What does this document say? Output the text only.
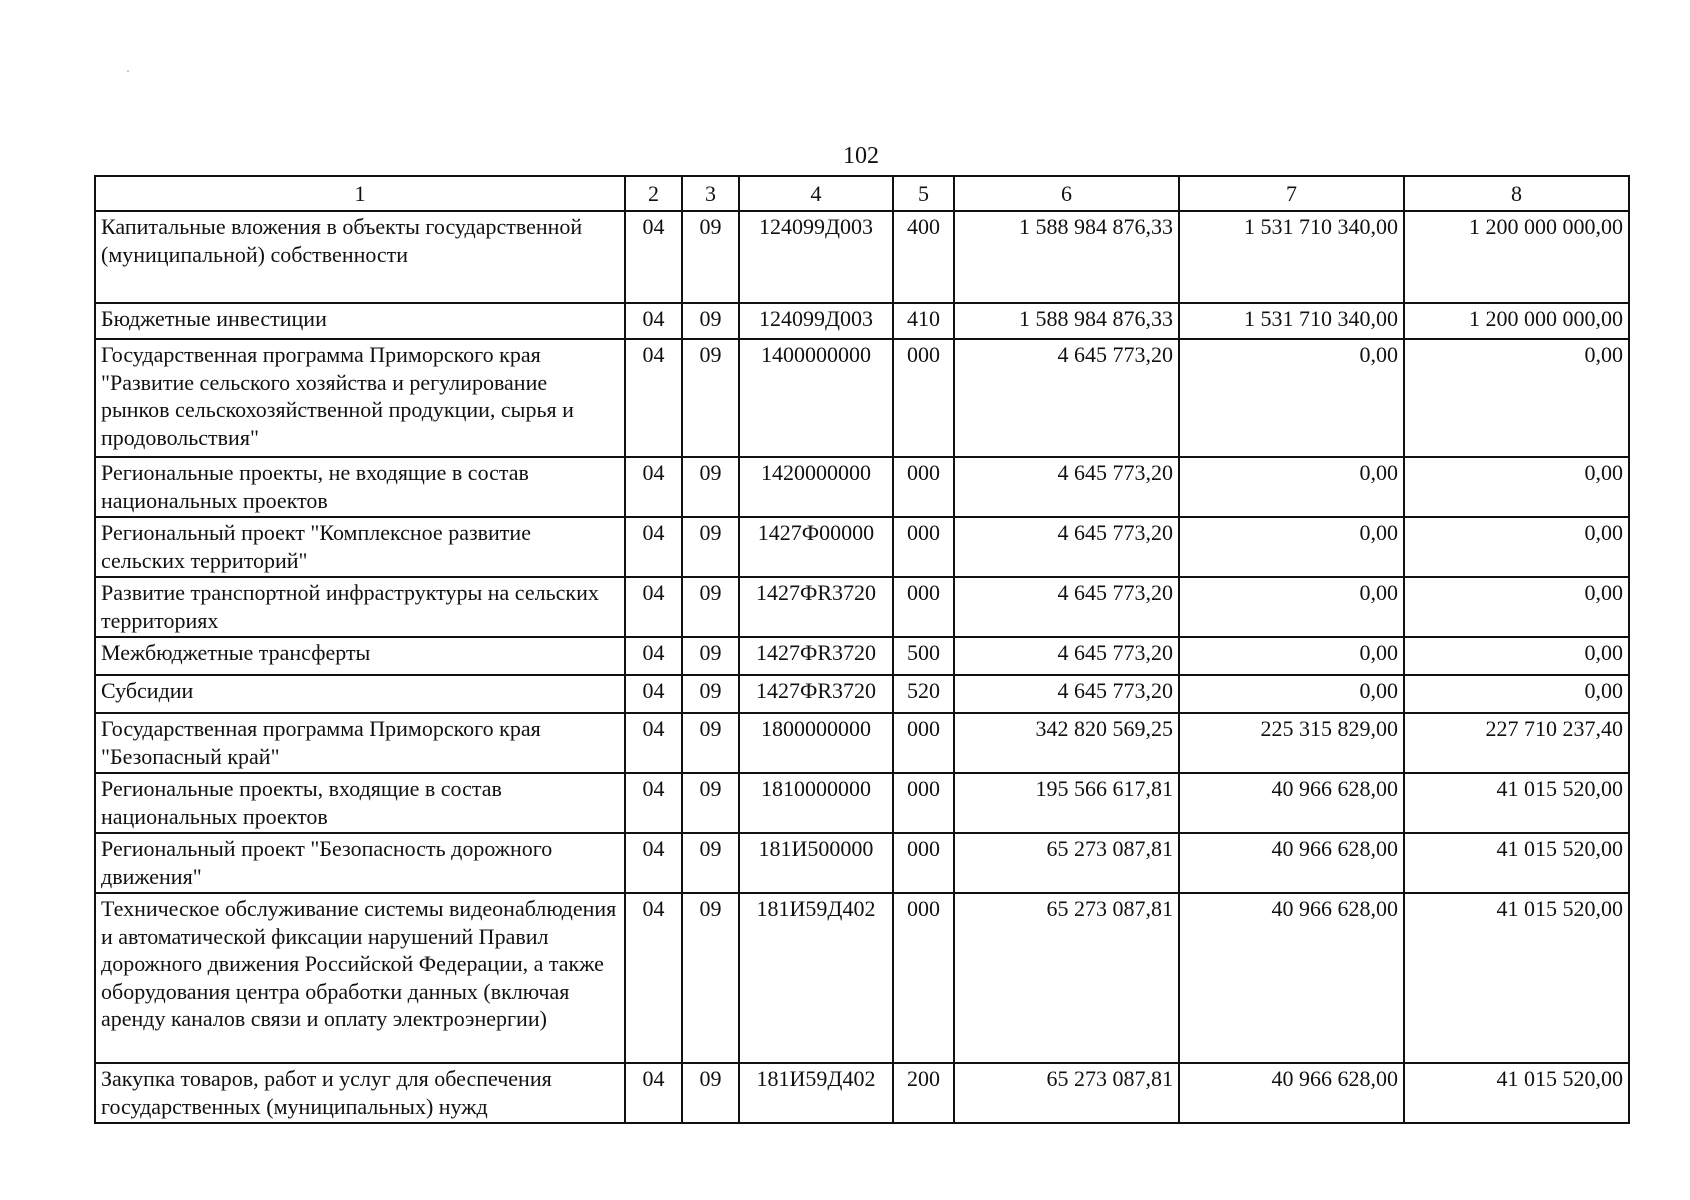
102
1	2	3	4	5	6	7	8
Капитальные вложения в объекты государственной (муниципальной) собственности	04	09	124099Д003	400	1 588 984 876,33	1 531 710 340,00	1 200 000 000,00
Бюджетные инвестиции	04	09	124099Д003	410	1 588 984 876,33	1 531 710 340,00	1 200 000 000,00
Государственная программа Приморского края "Развитие сельского хозяйства и регулирование рынков сельскохозяйственной продукции, сырья и продовольствия"	04	09	1400000000	000	4 645 773,20	0,00	0,00
Региональные проекты, не входящие в состав национальных проектов	04	09	1420000000	000	4 645 773,20	0,00	0,00
Региональный проект "Комплексное развитие сельских территорий"	04	09	1427Ф00000	000	4 645 773,20	0,00	0,00
Развитие транспортной инфраструктуры на сельских территориях	04	09	1427ФR3720	000	4 645 773,20	0,00	0,00
Межбюджетные трансферты	04	09	1427ФR3720	500	4 645 773,20	0,00	0,00
Субсидии	04	09	1427ФR3720	520	4 645 773,20	0,00	0,00
Государственная программа Приморского края "Безопасный край"	04	09	1800000000	000	342 820 569,25	225 315 829,00	227 710 237,40
Региональные проекты, входящие в состав национальных проектов	04	09	1810000000	000	195 566 617,81	40 966 628,00	41 015 520,00
Региональный проект "Безопасность дорожного движения"	04	09	181И500000	000	65 273 087,81	40 966 628,00	41 015 520,00
Техническое обслуживание системы видеонаблюдения и автоматической фиксации нарушений Правил дорожного движения Российской Федерации, а также оборудования центра обработки данных (включая аренду каналов связи и оплату электроэнергии)	04	09	181И59Д402	000	65 273 087,81	40 966 628,00	41 015 520,00
Закупка товаров, работ и услуг для обеспечения государственных (муниципальных) нужд	04	09	181И59Д402	200	65 273 087,81	40 966 628,00	41 015 520,00
